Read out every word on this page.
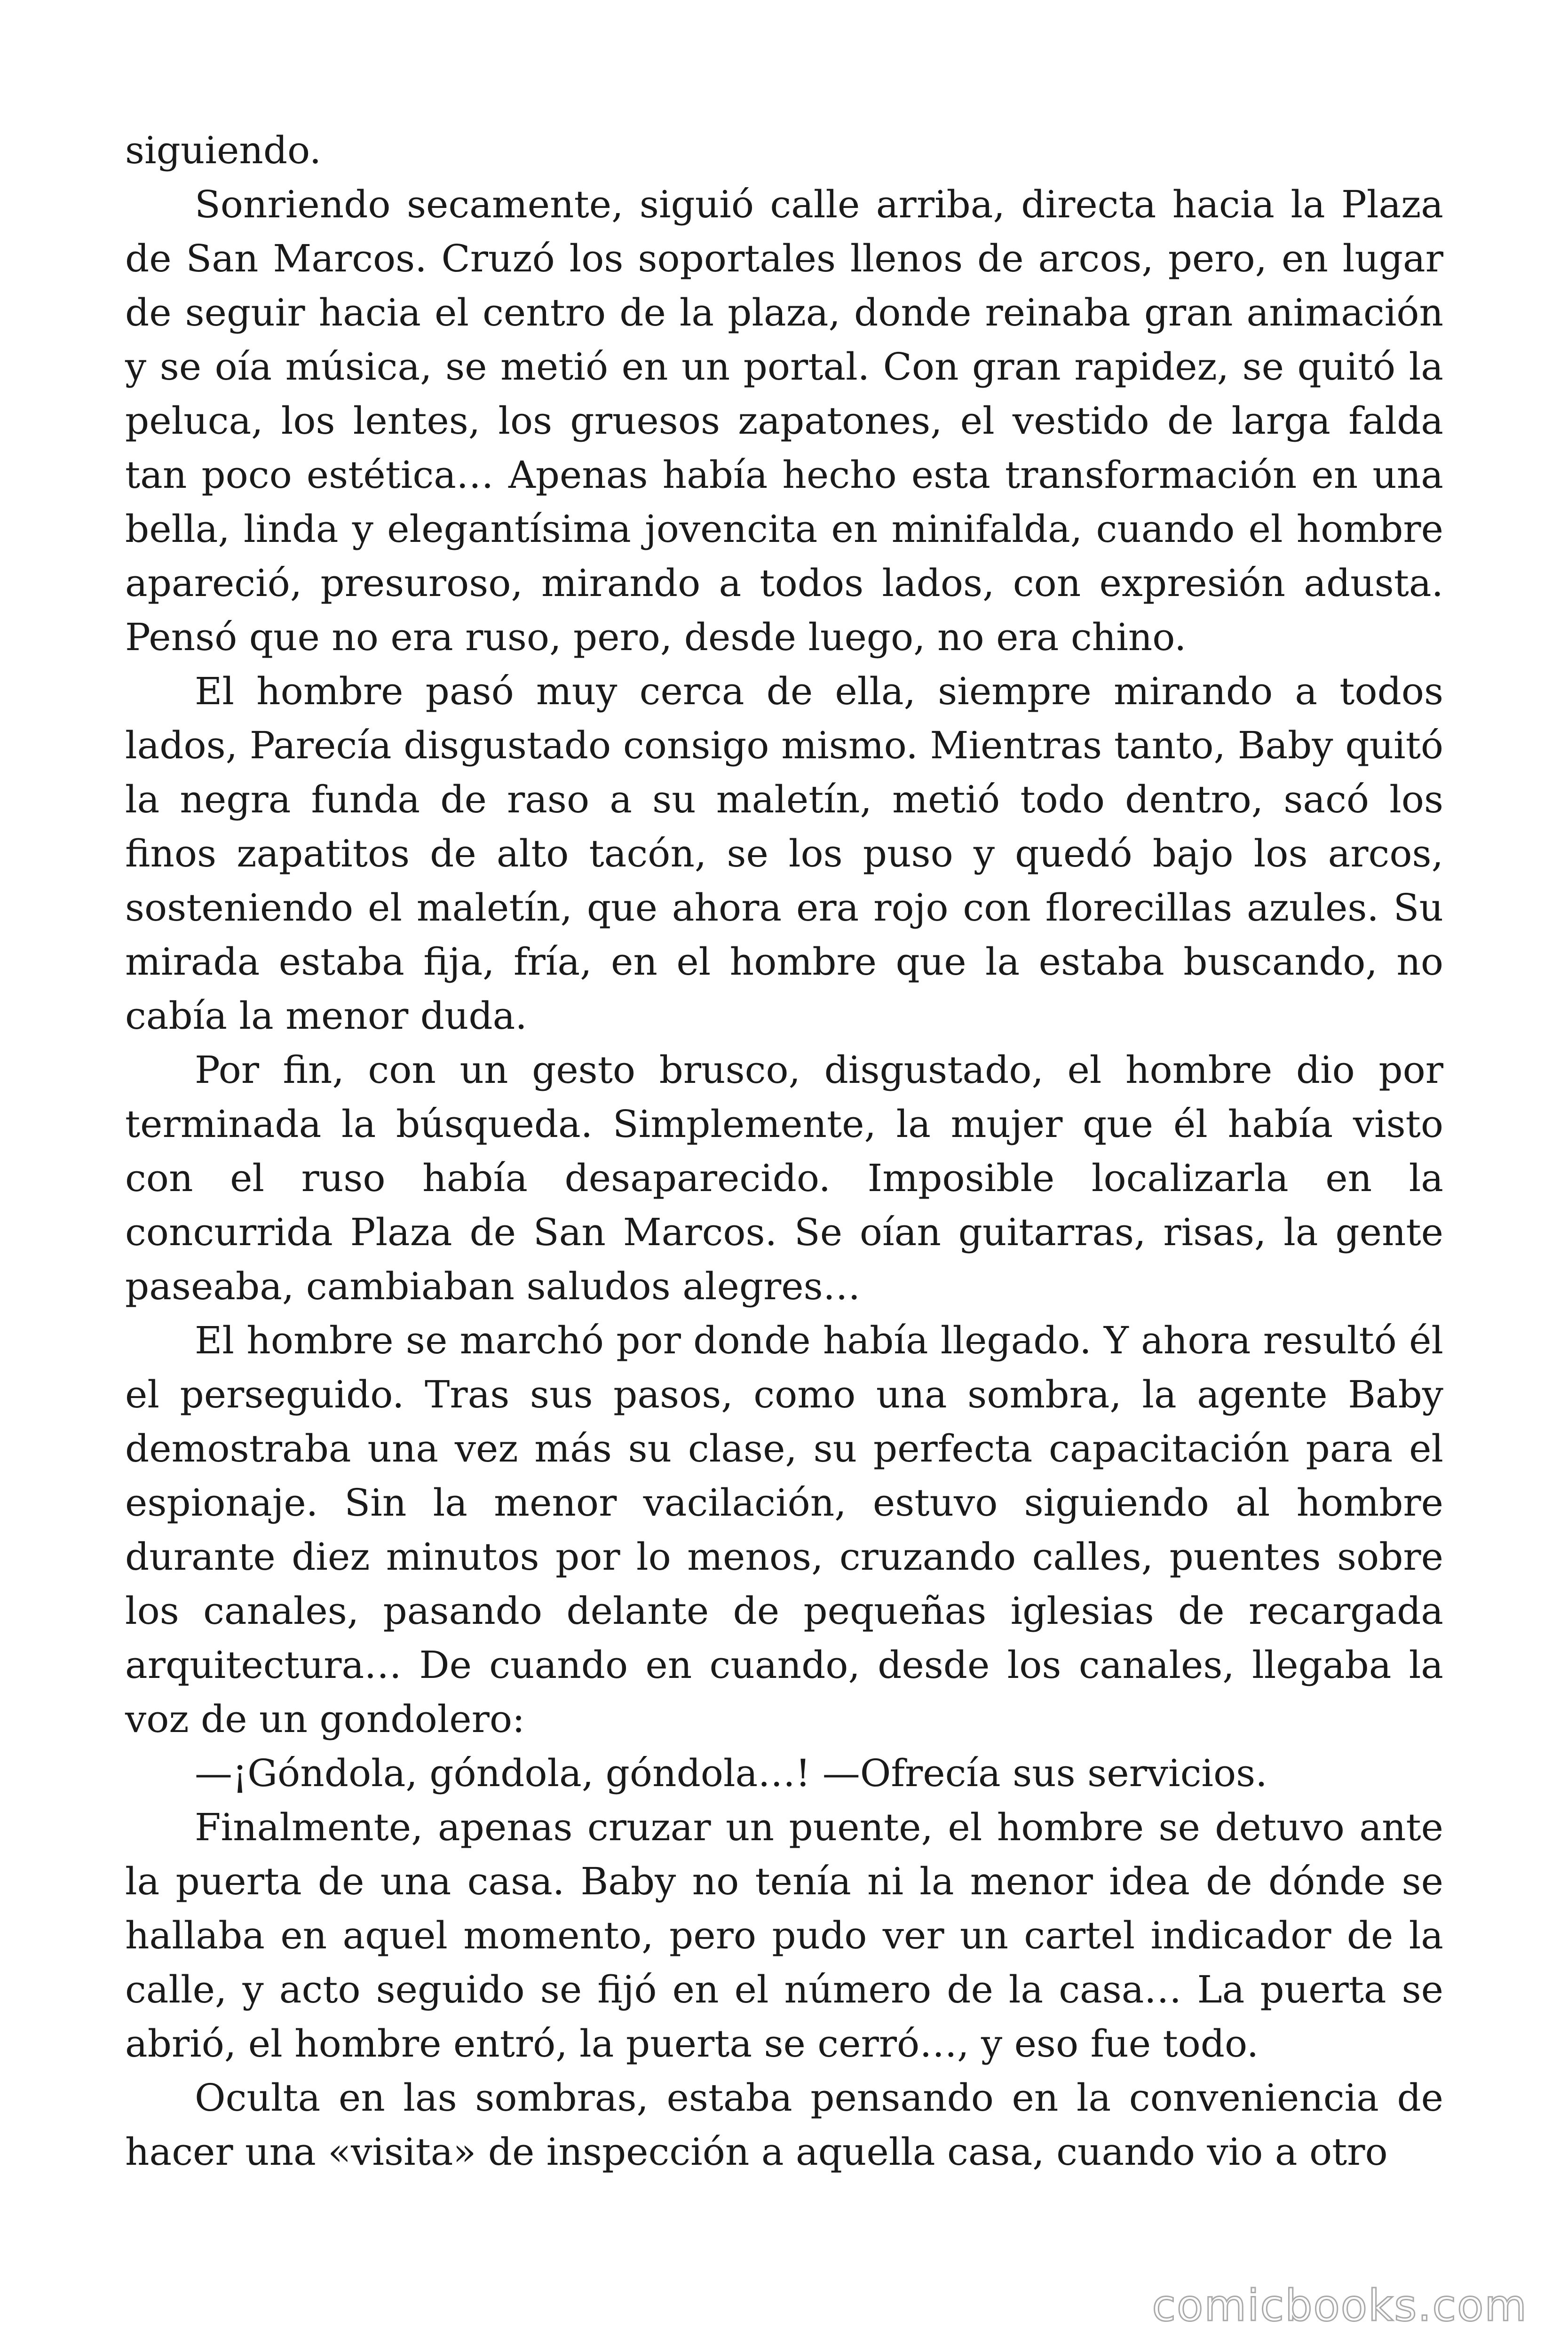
siguiendo.

Sonriendo secamente, siguió calle arriba, directa hacia la Plaza de San Marcos. Cruzó los soportales llenos de arcos, pero, en lugar de seguir hacia el centro de la plaza, donde reinaba gran animación y se oía música, se metió en un portal. Con gran rapidez, se quitó la peluca, los lentes, los gruesos zapatones, el vestido de larga falda tan poco estética… Apenas había hecho esta transformación en una bella, linda y elegantísima jovencita en minifalda, cuando el hombre apareció, presuroso, mirando a todos lados, con expresión adusta. Pensó que no era ruso, pero, desde luego, no era chino.

El hombre pasó muy cerca de ella, siempre mirando a todos lados, Parecía disgustado consigo mismo. Mientras tanto, Baby quitó la negra funda de raso a su maletín, metió todo dentro, sacó los finos zapatitos de alto tacón, se los puso y quedó bajo los arcos, sosteniendo el maletín, que ahora era rojo con florecillas azules. Su mirada estaba fija, fría, en el hombre que la estaba buscando, no cabía la menor duda.

Por fin, con un gesto brusco, disgustado, el hombre dio por terminada la búsqueda. Simplemente, la mujer que él había visto con el ruso había desaparecido. Imposible localizarla en la concurrida Plaza de San Marcos. Se oían guitarras, risas, la gente paseaba, cambiaban saludos alegres…

El hombre se marchó por donde había llegado. Y ahora resultó él el perseguido. Tras sus pasos, como una sombra, la agente Baby demostraba una vez más su clase, su perfecta capacitación para el espionaje. Sin la menor vacilación, estuvo siguiendo al hombre durante diez minutos por lo menos, cruzando calles, puentes sobre los canales, pasando delante de pequeñas iglesias de recargada arquitectura… De cuando en cuando, desde los canales, llegaba la voz de un gondolero:

—¡Góndola, góndola, góndola…! —Ofrecía sus servicios.

Finalmente, apenas cruzar un puente, el hombre se detuvo ante la puerta de una casa. Baby no tenía ni la menor idea de dónde se hallaba en aquel momento, pero pudo ver un cartel indicador de la calle, y acto seguido se fijó en el número de la casa… La puerta se abrió, el hombre entró, la puerta se cerró…, y eso fue todo.

Oculta en las sombras, estaba pensando en la conveniencia de hacer una «visita» de inspección a aquella casa, cuando vio a otro

comicbooks.com
